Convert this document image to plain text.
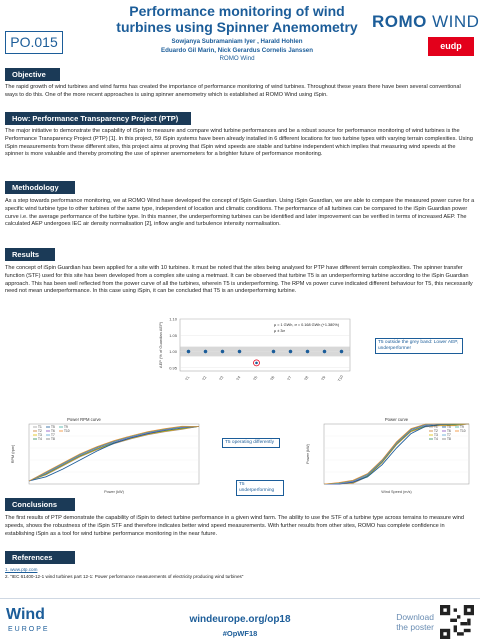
PO.015
Performance monitoring of wind turbines using Spinner Anemometry
Sowjanya Subramaniam Iyer , Harald Hohlen
Eduardo Gil Marin, Nick Gerardus Cornelis Janssen
ROMO Wind
ROMO WIND
eudp
Objective
The rapid growth of wind turbines and wind farms has created the importance of performance monitoring of wind turbines. Throughout these years there have been several conventional ways to do this. One of the more recent approaches is using spinner anemometry which is established at ROMO Wind using iSpin.
How: Performance Transparency Project (PTP)
The major initiative to demonstrate the capability of iSpin to measure and compare wind turbine performances and be a robust source for performance monitoring of wind turbines is the Performance Transparency Project (PTP) [1]. In this project, 59 iSpin systems have been already installed in 6 different locations for two turbine types with varying terrain complexities. Using iSpin measurements from these different sites, this project aims at proving that iSpin wind speeds are stable and turbine independent which implies that measuring wind speeds at the spinner is more valuable and thereby promoting the use of spinner anemometers for a brighter future of performance monitoring.
Methodology
As a step towards performance monitoring, we at ROMO Wind have developed the concept of iSpin Guardian. Using iSpin Guardian, we are able to compare the measured power curve for a specific wind turbine type to other turbines of the same type, independent of location and climatic conditions. The performance of all turbines can be compared to the iSpin Guardian power curve i.e. the average performance of the turbine type. In this manner, the underperforming turbines can be identified and later improvement can be verified in terms of increased AEP. The calculated AEP undergoes IEC air density normalisation [2], inflow angle and turbulence intensity normalisation.
Results
The concept of iSpin Guardian has been applied for a site with 10 turbines. It must be noted that the sites being analysed for PTP have different terrain complexities. The spinner transfer function (STF) used for this site has been developed from a complex site using a metmast. It can be observed that turbine T5 is an underperforming turbine according to the iSpin Guardian approach. This has been well reflected from the power curve of all the turbines, wherein T5 is underperforming. The RPM vs power curve indicated different behaviour for T5, this necessarily need not mean underperformance. In this case using iSpin, it can be concluded that T5 is an underperforming turbine.
1.10
1.05
1.00
0.95
AEP (% of Guardian AEP)
T1	T2	T3	T4	T5	T6	T7	T8	T9	T10
μ = 1 GWh, σ = 0.168 GWh (+1.380%)
μ ± 3σ
T5 outside the grey band: Lower AEP, underperformer
Power RPM curve
Power (kW)
RPM (rpm)
T1
T2
T3
T4
T5
T6
T7
T8
T9
T10
T5 operating differently
T5 underperforming
Power curve
Wind Speed (m/s)
Power (kW)
T1
T2
T3
T4
T5
T6
T7
T8
T9
T10
Conclusions
The first results of PTP demonstrate the capability of iSpin to detect turbine performance in a given wind farm. The ability to use the STF of a turbine type across terrains to measure wind speeds, shows the robustness of the iSpin STF and therefore indicates better wind speed measurements. With further results from other sites, ROMO has complete confidence in establishing iSpin as a tool for wind turbine performance monitoring in the near future.
References
1. www.ptp.com
2. "IEC 61400-12-1 wind turbines part 12-1: Power performance measurements of electricity producing wind turbines"
Wind
EUROPE
windeurope.org/op18
#OpWF18
Download the poster
